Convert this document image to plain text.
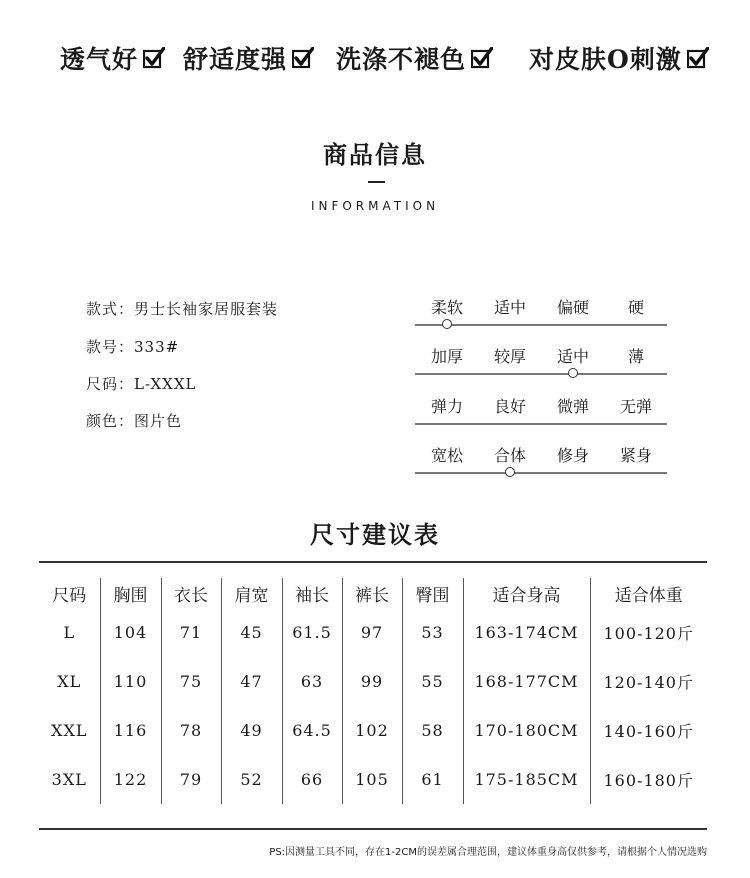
透气好 舒适度强 洗涤不褪色	对皮肤O刺激
商品信息
INFORMATION
款式：男士长袖家居服套装
款号：333#
尺码：L-XXXL
颜色：图片色
柔软	适中	偏硬	硬
加厚	较厚	适中	薄
弹力	良好	微弹	无弹
宽松	合体	修身	紧身
尺寸建议表
尺码	胸围	衣长	肩宽	袖长	裤长	臀围	适合身高	适合体重
L	104	71	45	61.5	97	53	163-174CM	100-120斤
XL	110	75	47	63	99	55	168-177CM	120-140斤
XXL	116	78	49	64.5	102	58	170-180CM	140-160斤
3XL	122	79	52	66	105	61	175-185CM	160-180斤
PS:因测量工具不同，存在1-2CM的误差属合理范围，建议体重身高仅供参考，请根据个人情况选购
